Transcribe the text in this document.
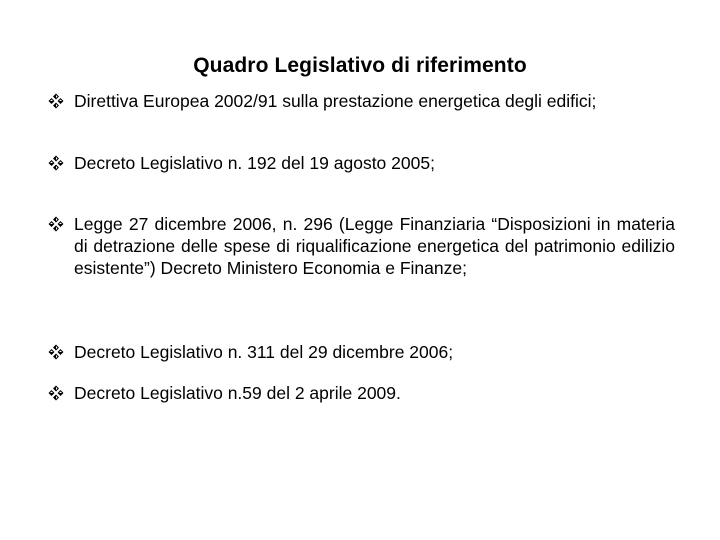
Quadro Legislativo di riferimento
Direttiva Europea 2002/91 sulla prestazione energetica degli edifici;
Decreto Legislativo n. 192 del 19 agosto 2005;
Legge 27 dicembre 2006, n. 296 (Legge Finanziaria “Disposizioni in materia di detrazione delle spese di riqualificazione energetica del patrimonio edilizio esistente”) Decreto Ministero Economia e Finanze;
Decreto Legislativo n. 311 del 29 dicembre 2006;
Decreto Legislativo n.59 del 2 aprile 2009.
